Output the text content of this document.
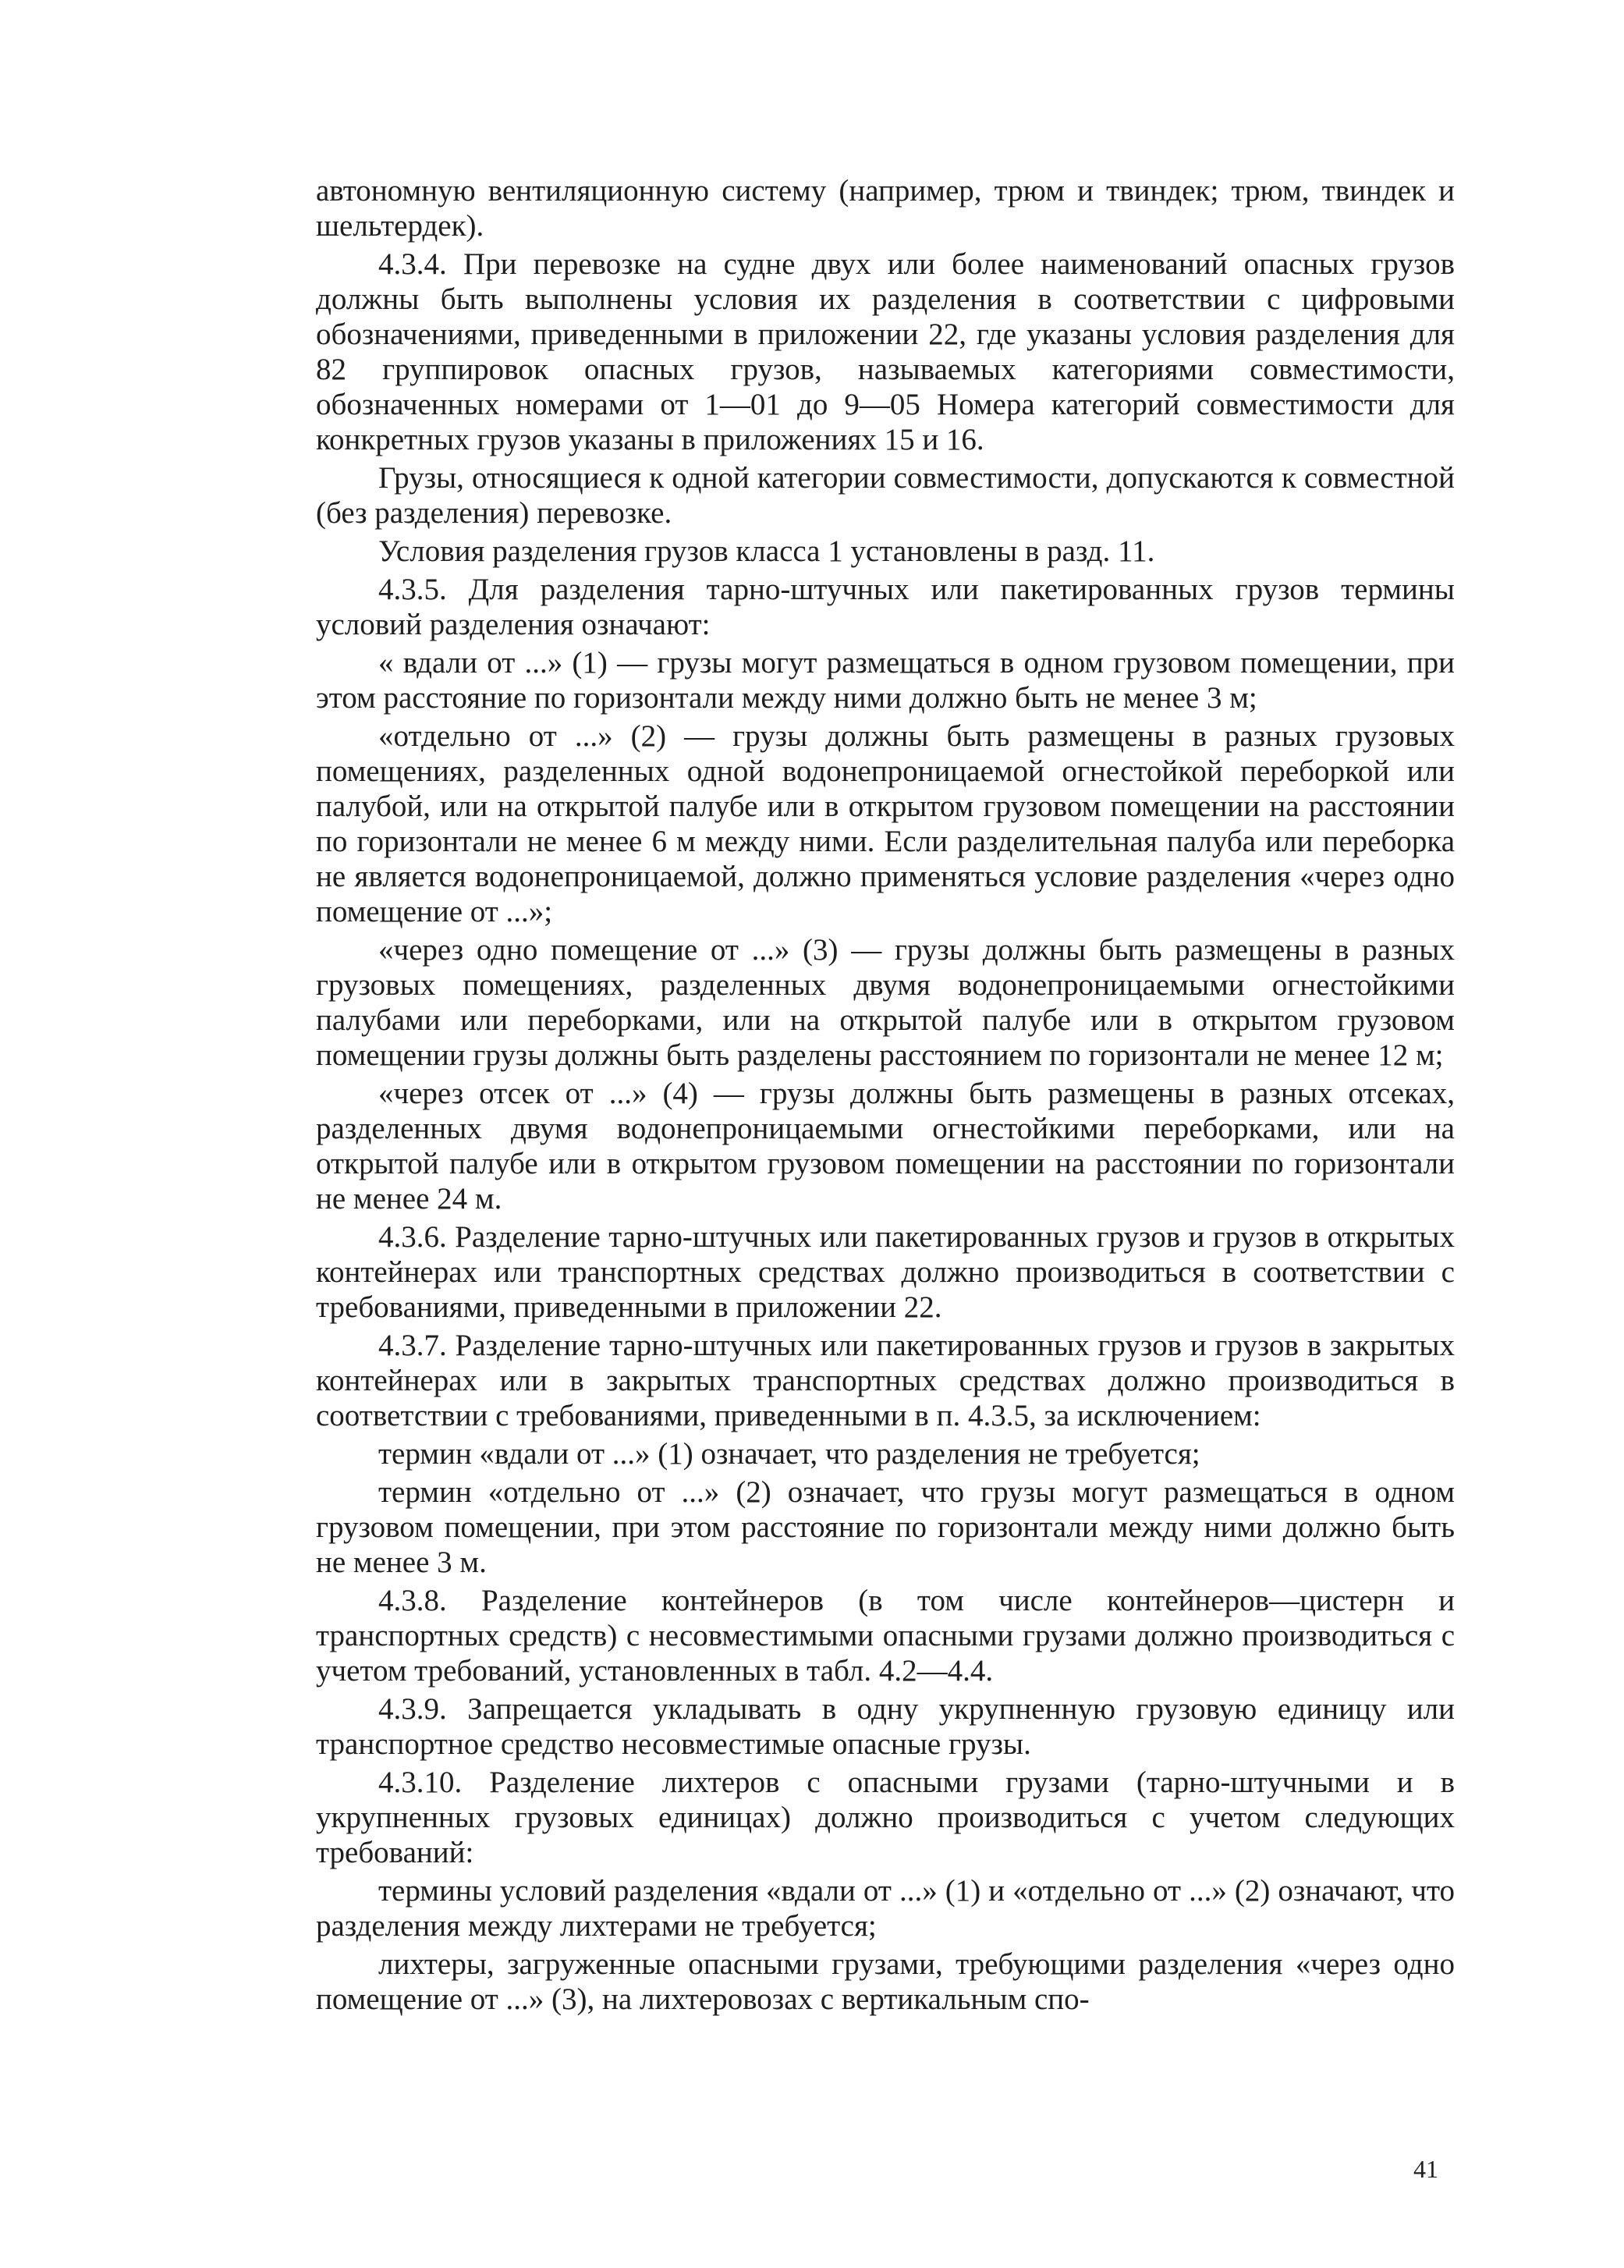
автономную вентиляционную систему (например, трюм и твиндек; трюм, твиндек и шельтердек).

4.3.4. При перевозке на судне двух или более наименований опасных грузов должны быть выполнены условия их разделения в соответствии с цифровыми обозначениями, приведенными в приложении 22, где указаны условия разделения для 82 группировок опасных грузов, называемых категориями совместимости, обозначенных номерами от 1—01 до 9—05 Номера категорий совместимости для конкретных грузов указаны в приложениях 15 и 16.

Грузы, относящиеся к одной категории совместимости, допускаются к совместной (без разделения) перевозке.

Условия разделения грузов класса 1 установлены в разд. 11.

4.3.5. Для разделения тарно-штучных или пакетированных грузов термины условий разделения означают:

« вдали от ...» (1) — грузы могут размещаться в одном грузовом помещении, при этом расстояние по горизонтали между ними должно быть не менее 3 м;

«отдельно от ...» (2) — грузы должны быть размещены в разных грузовых помещениях, разделенных одной водонепроницаемой огнестойкой переборкой или палубой, или на открытой палубе или в открытом грузовом помещении на расстоянии по горизонтали не менее 6 м между ними. Если разделительная палуба или переборка не является водонепроницаемой, должно применяться условие разделения «через одно помещение от ...»;

«через одно помещение от ...» (3) — грузы должны быть размещены в разных грузовых помещениях, разделенных двумя водонепроницаемыми огнестойкими палубами или переборками, или на открытой палубе или в открытом грузовом помещении грузы должны быть разделены расстоянием по горизонтали не менее 12 м;

«через отсек от ...» (4) — грузы должны быть размещены в разных отсеках, разделенных двумя водонепроницаемыми огнестойкими переборками, или на открытой палубе или в открытом грузовом помещении на расстоянии по горизонтали не менее 24 м.

4.3.6. Разделение тарно-штучных или пакетированных грузов и грузов в открытых контейнерах или транспортных средствах должно производиться в соответствии с требованиями, приведенными в приложении 22.

4.3.7. Разделение тарно-штучных или пакетированных грузов и грузов в закрытых контейнерах или в закрытых транспортных средствах должно производиться в соответствии с требованиями, приведенными в п. 4.3.5, за исключением:

термин «вдали от ...» (1) означает, что разделения не требуется;

термин «отдельно от ...» (2) означает, что грузы могут размещаться в одном грузовом помещении, при этом расстояние по горизонтали между ними должно быть не менее 3 м.

4.3.8. Разделение контейнеров (в том числе контейнеров—цистерн и транспортных средств) с несовместимыми опасными грузами должно производиться с учетом требований, установленных в табл. 4.2—4.4.

4.3.9. Запрещается укладывать в одну укрупненную грузовую единицу или транспортное средство несовместимые опасные грузы.

4.3.10. Разделение лихтеров с опасными грузами (тарно-штучными и в укрупненных грузовых единицах) должно производиться с учетом следующих требований:

термины условий разделения «вдали от ...» (1) и «отдельно от ...» (2) означают, что разделения между лихтерами не требуется;

лихтеры, загруженные опасными грузами, требующими разделения «через одно помещение от ...» (3), на лихтеровозах с вертикальным спо-

41
